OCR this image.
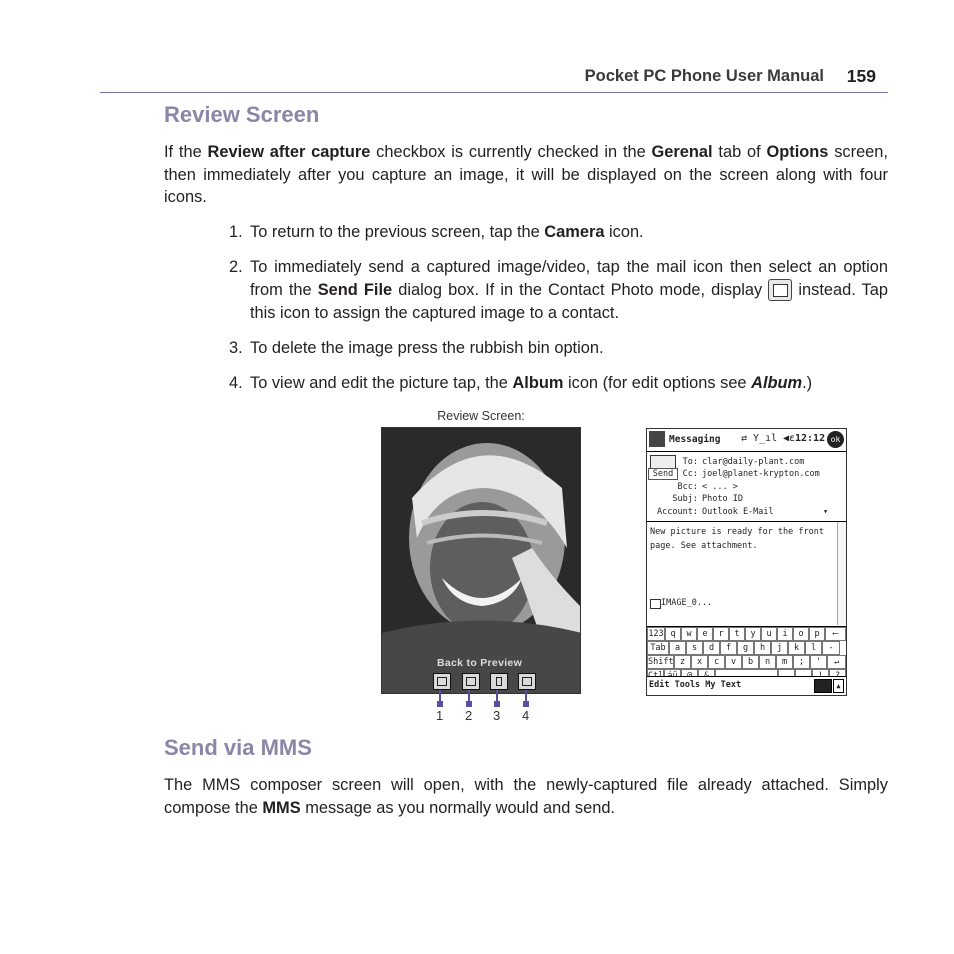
Pocket PC Phone User Manual 159
Review Screen

If the Review after capture checkbox is currently checked in the Gerenal tab of Options screen, then immediately after you capture an image, it will be displayed on the screen along with four icons.

1. To return to the previous screen, tap the Camera icon.
2. To immediately send a captured image/video, tap the mail icon then select an option from the Send File dialog box. If in the Contact Photo mode, display  instead. Tap this icon to assign the captured image to a contact.
3. To delete the image press the rubbish bin option.
4. To view and edit the picture tap, the Album icon (for edit options see Album.)
Review Screen:
Back to Preview
1 2 3 4
Messaging ⇄ Y̲ıl ◀ε 12:12 ok
Send
To: clar@daily-plant.com
Cc: joel@planet-krypton.com
Bcc: < ... >
Subj: Photo ID
Account: Outlook E-Mail	▾
New picture is ready for the front page. See attachment.
IMAGE_0...
123 q	w	e	r	t	y	u	i	o	p	⟵
Tab	a	s	d	f	g	h	j	k	l	-
Shift z	x	c	v	b	n	m	;	'	↵
Edit Tools My Text	▲
Send via MMS

The MMS composer screen will open, with the newly-captured file already attached. Simply compose the MMS message as you normally would and send.
